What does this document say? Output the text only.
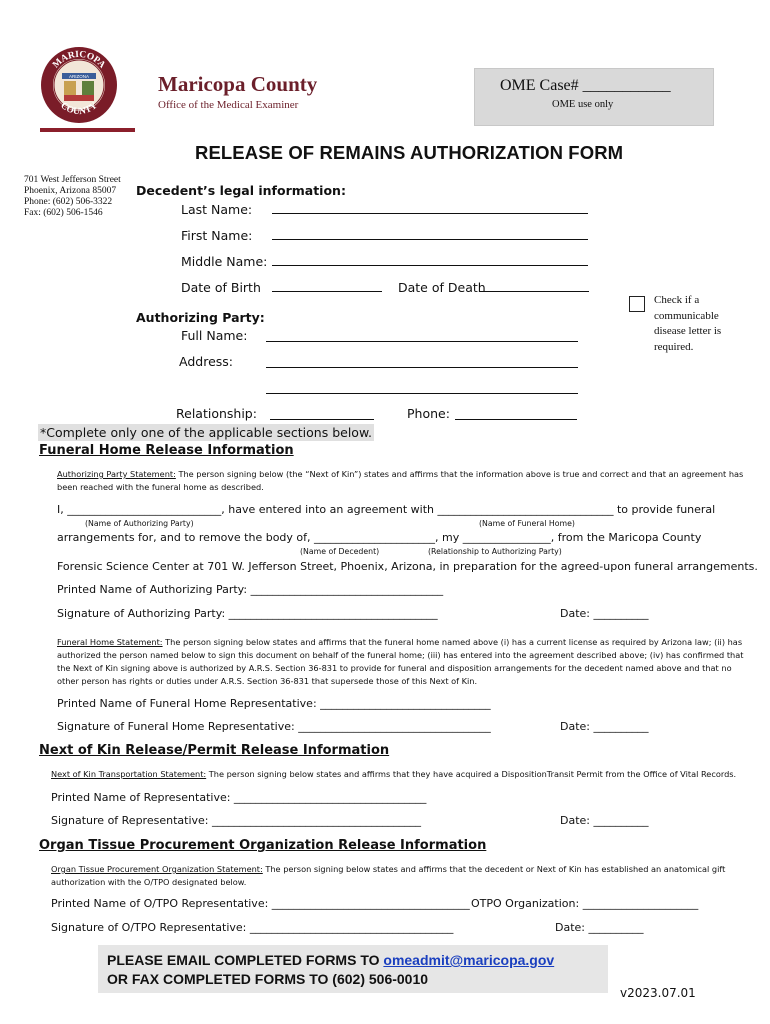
MARICOPA
COUNTY
ARIZONA	Maricopa County
Office of the Medical Examiner
OME Case# ___________
OME use only
RELEASE OF REMAINS AUTHORIZATION FORM
701 West Jefferson Street
Phoenix, Arizona 85007
Phone: (602) 506-3322
Fax: (602) 506-1546
Decedent’s legal information:
Last Name:
First Name:
Middle Name:
Date of Birth	Date of Death
Check if a communicable disease letter is required.
Authorizing Party:
Full Name:
Address:
Relationship:	Phone:
*Complete only one of the applicable sections below.
Funeral Home Release Information
Authorizing Party Statement: The person signing below (the “Next of Kin”) states and affirms that the information above is true and correct and that an agreement has been reached with the funeral home as described.
I, ____________________________, have entered into an agreement with ________________________________ to provide funeral
(Name of Authorizing Party)	(Name of Funeral Home)
arrangements for, and to remove the body of, ______________________, my ________________, from the Maricopa County
(Name of Decedent)	(Relationship to Authorizing Party)
Forensic Science Center at 701 W. Jefferson Street, Phoenix, Arizona, in preparation for the agreed-upon funeral arrangements.
Printed Name of Authorizing Party: ___________________________________
Signature of Authorizing Party: ______________________________________	Date: __________
Funeral Home Statement: The person signing below states and affirms that the funeral home named above (i) has a current license as required by Arizona law; (ii) has authorized the person named below to sign this document on behalf of the funeral home; (iii) has entered into the agreement described above; (iv) has confirmed that the Next of Kin signing above is authorized by A.R.S. Section 36-831 to provide for funeral and disposition arrangements for the decedent named above and that no other person has rights or duties under A.R.S. Section 36-831 that supersede those of this Next of Kin.
Printed Name of Funeral Home Representative: _______________________________
Signature of Funeral Home Representative: ___________________________________	Date: __________
Next of Kin Release/Permit Release Information
Next of Kin Transportation Statement: The person signing below states and affirms that they have acquired a DispositionTransit Permit from the Office of Vital Records.
Printed Name of Representative: ___________________________________
Signature of Representative: ______________________________________	Date: __________
Organ Tissue Procurement Organization Release Information
Organ Tissue Procurement Organization Statement: The person signing below states and affirms that the decedent or Next of Kin has established an anatomical gift authorization with the O/TPO designated below.
Printed Name of O/TPO Representative: ____________________________________ OTPO Organization: _____________________
Signature of O/TPO Representative: _____________________________________	Date: __________
PLEASE EMAIL COMPLETED FORMS TO omeadmit@maricopa.gov
OR FAX COMPLETED FORMS TO (602) 506-0010
v2023.07.01
